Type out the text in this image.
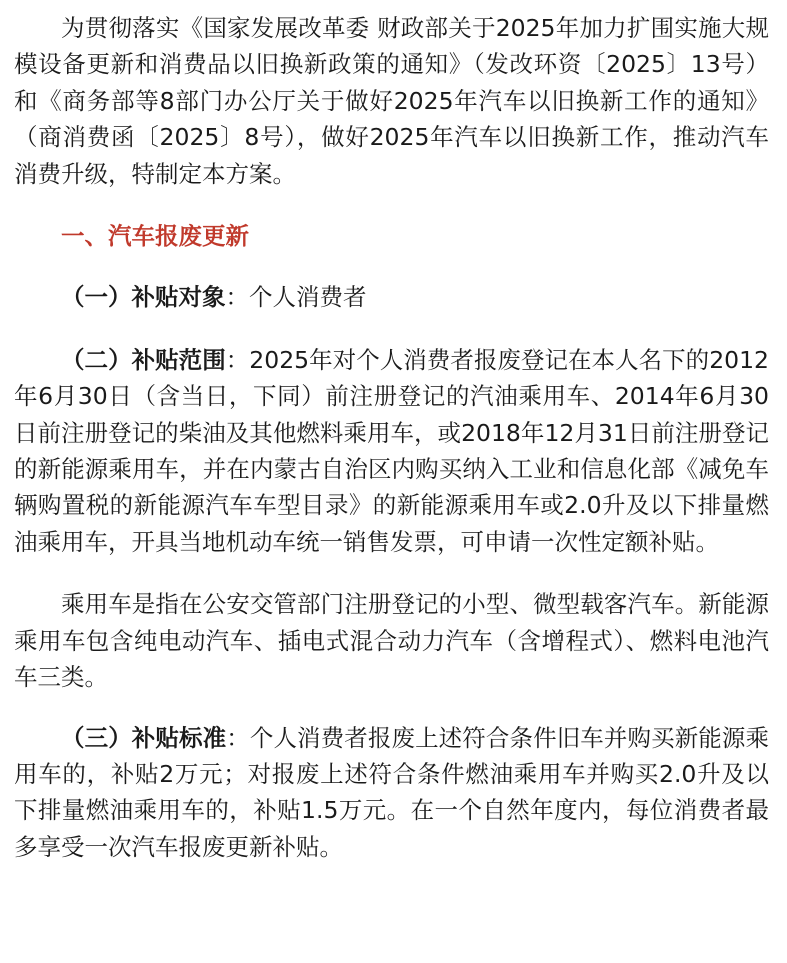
为贯彻落实《国家发展改革委 财政部关于2025年加力扩围实施大规模设备更新和消费品以旧换新政策的通知》（发改环资〔2025〕13号）和《商务部等8部门办公厅关于做好2025年汽车以旧换新工作的通知》（商消费函〔2025〕8号），做好2025年汽车以旧换新工作，推动汽车消费升级，特制定本方案。

一、汽车报废更新

（一）补贴对象：个人消费者

（二）补贴范围：2025年对个人消费者报废登记在本人名下的2012年6月30日（含当日，下同）前注册登记的汽油乘用车、2014年6月30日前注册登记的柴油及其他燃料乘用车，或2018年12月31日前注册登记的新能源乘用车，并在内蒙古自治区内购买纳入工业和信息化部《减免车辆购置税的新能源汽车车型目录》的新能源乘用车或2.0升及以下排量燃油乘用车，开具当地机动车统一销售发票，可申请一次性定额补贴。

乘用车是指在公安交管部门注册登记的小型、微型载客汽车。新能源乘用车包含纯电动汽车、插电式混合动力汽车（含增程式）、燃料电池汽车三类。

（三）补贴标准：个人消费者报废上述符合条件旧车并购买新能源乘用车的，补贴2万元；对报废上述符合条件燃油乘用车并购买2.0升及以下排量燃油乘用车的，补贴1.5万元。在一个自然年度内，每位消费者最多享受一次汽车报废更新补贴。
